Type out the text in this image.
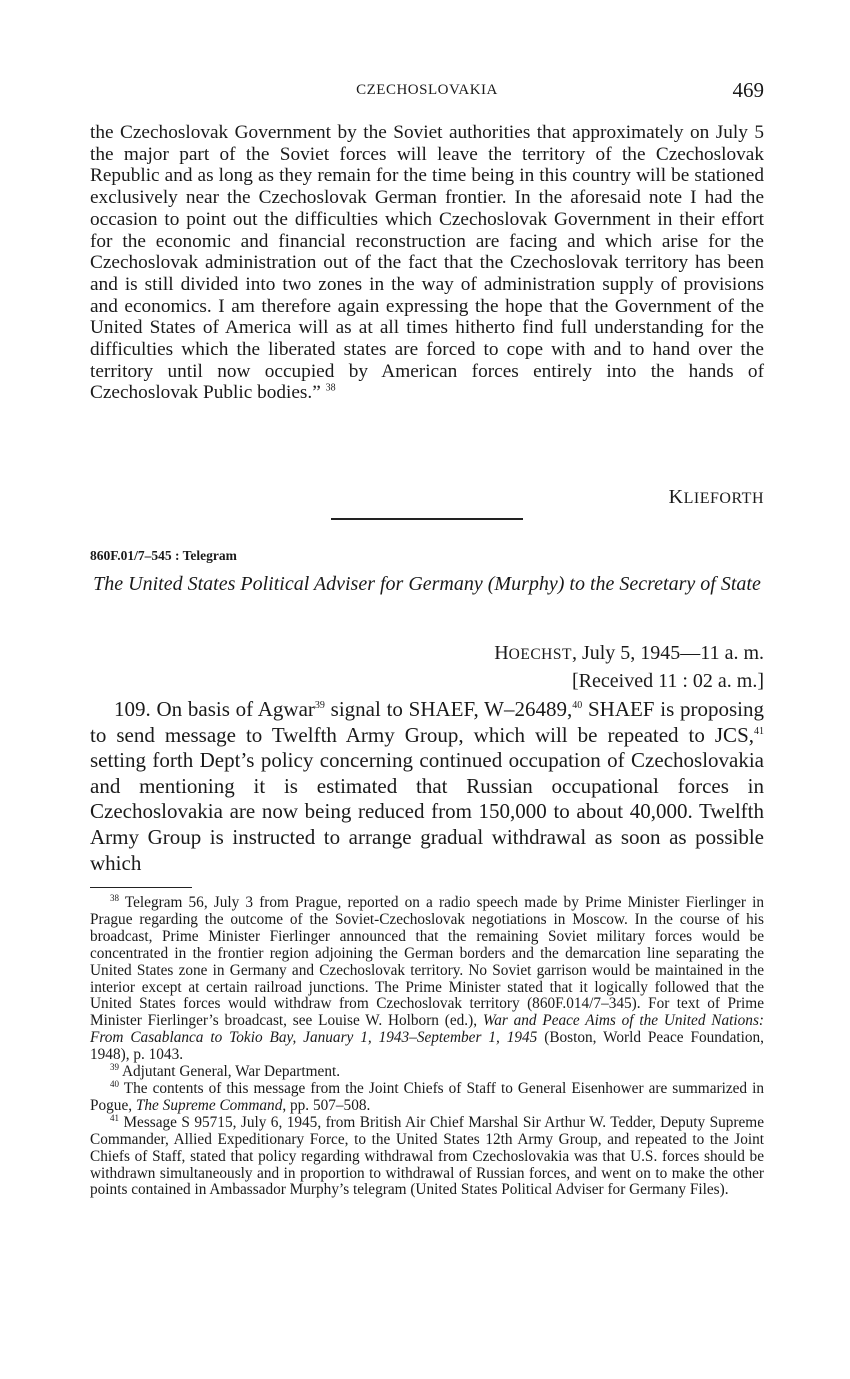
CZECHOSLOVAKIA	469

the Czechoslovak Government by the Soviet authorities that approximately on July 5 the major part of the Soviet forces will leave the territory of the Czechoslovak Republic and as long as they remain for the time being in this country will be stationed exclusively near the Czechoslovak German frontier. In the aforesaid note I had the occasion to point out the difficulties which Czechoslovak Government in their effort for the economic and financial reconstruction are facing and which arise for the Czechoslovak administration out of the fact that the Czechoslovak territory has been and is still divided into two zones in the way of administration supply of provisions and economics. I am therefore again expressing the hope that the Government of the United States of America will as at all times hitherto find full understanding for the difficulties which the liberated states are forced to cope with and to hand over the territory until now occupied by American forces entirely into the hands of Czechoslovak Public bodies.” $^{38}$

KLIEFORTH
860F.01/7–545 : Telegram
The United States Political Adviser for Germany (Murphy) to the Secretary of State
HOECHST, July 5, 1945—11 a. m.
[Received 11 : 02 a. m.]

109. On basis of Agwar$^{39}$ signal to SHAEF, W–26489,40 SHAEF is proposing to send message to Twelfth Army Group, which will be repeated to JCS,$^{41}$ setting forth Dept’s policy concerning continued occupation of Czechoslovakia and mentioning it is estimated that Russian occupational forces in Czechoslovakia are now being reduced from 150,000 to about 40,000. Twelfth Army Group is instructed to arrange gradual withdrawal as soon as possible which

$^{38}$ Telegram 56, July 3 from Prague, reported on a radio speech made by Prime Minister Fierlinger in Prague regarding the outcome of the Soviet-Czechoslovak negotiations in Moscow. In the course of his broadcast, Prime Minister Fierlinger announced that the remaining Soviet military forces would be concentrated in the frontier region adjoining the German borders and the demarcation line separating the United States zone in Germany and Czechoslovak territory. No Soviet garrison would be maintained in the interior except at certain railroad junctions. The Prime Minister stated that it logically followed that the United States forces would withdraw from Czechoslovak territory (860F.014/7–345). For text of Prime Minister Fierlinger’s broadcast, see Louise W. Holborn (ed.), War and Peace Aims of the United Nations: From Casablanca to Tokio Bay, January 1, 1943–September 1, 1945 (Boston, World Peace Foundation, 1948), p. 1043.

$^{39}$ Adjutant General, War Department.

$^{40}$ The contents of this message from the Joint Chiefs of Staff to General Eisenhower are summarized in Pogue, The Supreme Command, pp. 507–508.

$^{41}$ Message S 95715, July 6, 1945, from British Air Chief Marshal Sir Arthur W. Tedder, Deputy Supreme Commander, Allied Expeditionary Force, to the United States 12th Army Group, and repeated to the Joint Chiefs of Staff, stated that policy regarding withdrawal from Czechoslovakia was that U.S. forces should be withdrawn simultaneously and in proportion to withdrawal of Russian forces, and went on to make the other points contained in Ambassador Murphy’s telegram (United States Political Adviser for Germany Files).
